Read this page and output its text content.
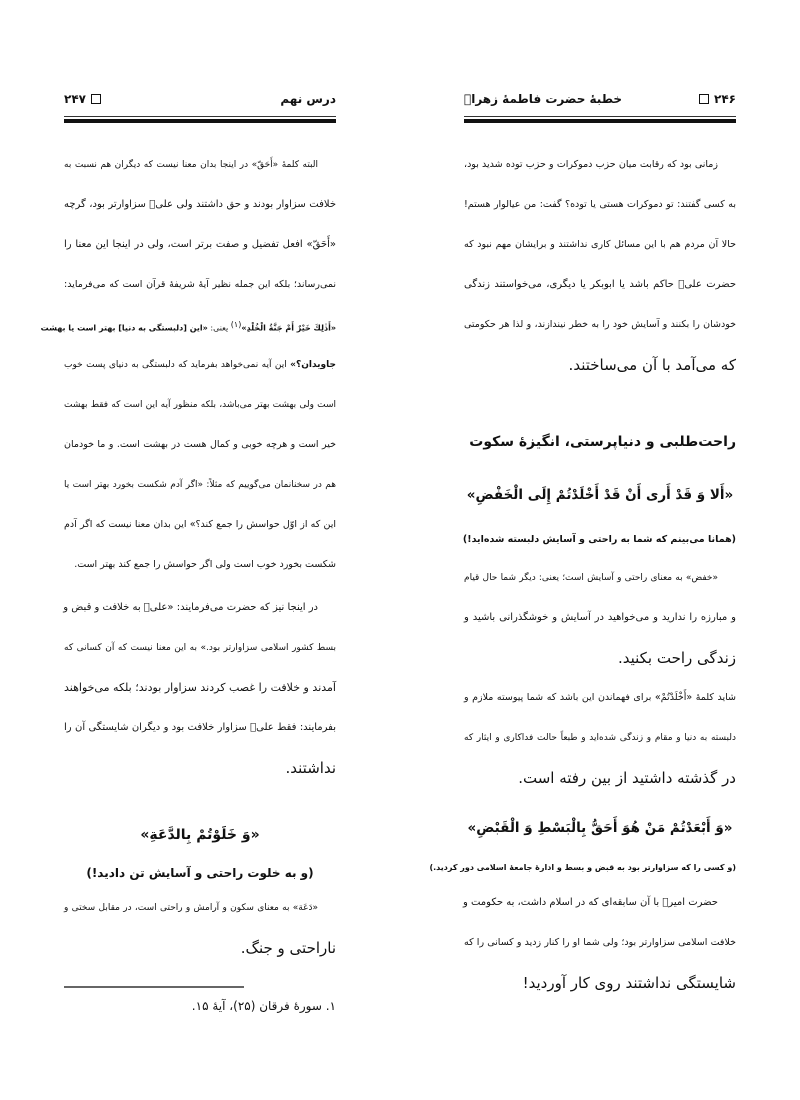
۲۴۶
خطبهٔ حضرت فاطمهٔ زهراؑ
زمانی بود که رقابت میان حزب دموکرات و حزب توده شدید بود،
به کسی گفتند: تو دموکرات هستی یا توده؟ گفت: من عیالوار هستم!
حالا آن مردم هم با این مسائل کاری نداشتند و برایشان مهم نبود که
حضرت علیؑ حاکم باشد یا ابوبکر یا دیگری، می‌خواستند زندگی
خودشان را بکنند و آسایش خود را به خطر نیندازند، و لذا هر حکومتی
که می‌آمد با آن می‌ساختند.
راحت‌طلبی و دنیاپرستی، انگیزهٔ سکوت
«أَلا وَ قَدْ أَری أَنْ قَدْ أَخْلَدْتُمْ إِلَی الْخَفْضِ»
(همانا می‌بینم که شما به راحتی و آسایش دلبسته شده‌اید!)
«خفض» به معنای راحتی و آسایش است؛ یعنی: دیگر شما حال قیام
و مبارزه را ندارید و می‌خواهید در آسایش و خوشگذرانی باشید و
زندگی راحت بکنید.
شاید کلمهٔ «أَخْلَدْتُمْ» برای فهماندن این باشد که شما پیوسته ملازم و
دلبسته به دنیا و مقام و زندگی شده‌اید و طبعاً حالت فداکاری و ایثار که
در گذشته داشتید از بین رفته است.
«وَ أَبْعَدْتُمْ مَنْ هُوَ أَحَقُّ بِالْبَسْطِ وَ الْقَبْضِ»
(و کسی را که سزاوارتر بود به قبض و بسط و ادارهٔ جامعهٔ اسلامی دور کردید.)
حضرت امیرؑ با آن سابقه‌ای که در اسلام داشت، به حکومت و
خلافت اسلامی سزاوارتر بود؛ ولی شما او را کنار زدید و کسانی را که
شایستگی نداشتند روی کار آوردید!
درس نهم
۲۴۷
البته کلمهٔ «أَحَقّ» در اینجا بدان معنا نیست که دیگران هم نسبت به
خلافت سزاوار بودند و حق داشتند ولی علیؑ سزاوارتر بود، گرچه
«أَحَقّ» افعل تفضیل و صفت برتر است، ولی در اینجا این معنا را
نمی‌رساند؛ بلکه این جمله نظیر آیهٔ شریفهٔ قرآن است که می‌فرماید:
«أَذٰلِكَ خَيْرٌ أَمْ جَنَّةُ الْخُلْدِ»$^{(۱)}$ یعنی: «این [دلبستگی به دنیا] بهتر است یا بهشت
جاویدان؟» این آیه نمی‌خواهد بفرماید که دلبستگی به دنیای پست خوب
است ولی بهشت بهتر می‌باشد، بلکه منظور آیه این است که فقط بهشت
خیر است و هرچه خوبی و کمال هست در بهشت است. و ما خودمان
هم در سخنانمان می‌گوییم که مثلاً: «اگر آدم شکست بخورد بهتر است یا
این که از اوّل حواسش را جمع کند؟» این بدان معنا نیست که اگر آدم
شکست بخورد خوب است ولی اگر حواسش را جمع کند بهتر است.
در اینجا نیز که حضرت می‌فرمایند: «علیؑ به خلافت و قبض و
بسط کشور اسلامی سزاوارتر بود.» به این معنا نیست که آن کسانی که
آمدند و خلافت را غصب کردند سزاوار بودند؛ بلکه می‌خواهند
بفرمایند: فقط علیؑ سزاوار خلافت بود و دیگران شایستگی آن را
نداشتند.
«وَ خَلَوْتُمْ بِالدَّعَةِ»
(و به خلوت راحتی و آسایش تن دادید!)
«دَعَة» به معنای سکون و آرامش و راحتی است، در مقابل سختی و
ناراحتی و جنگ.
۱. سورهٔ فرقان (۲۵)، آیهٔ ۱۵.
